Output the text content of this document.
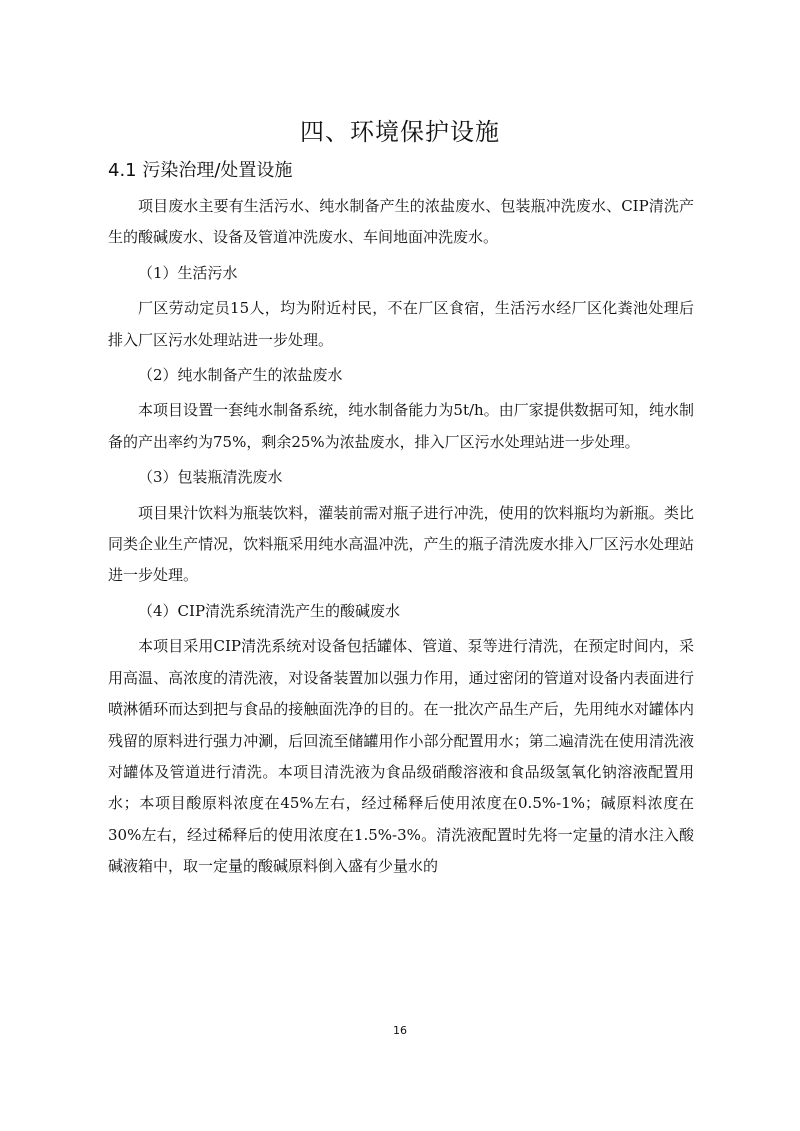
四、环境保护设施
4.1 污染治理/处置设施

项目废水主要有生活污水、纯水制备产生的浓盐废水、包装瓶冲洗废水、CIP清洗产生的酸碱废水、设备及管道冲洗废水、车间地面冲洗废水。

（1）生活污水

厂区劳动定员15人，均为附近村民，不在厂区食宿，生活污水经厂区化粪池处理后排入厂区污水处理站进一步处理。

（2）纯水制备产生的浓盐废水

本项目设置一套纯水制备系统，纯水制备能力为5t/h。由厂家提供数据可知，纯水制备的产出率约为75%，剩余25%为浓盐废水，排入厂区污水处理站进一步处理。

（3）包装瓶清洗废水

项目果汁饮料为瓶装饮料，灌装前需对瓶子进行冲洗，使用的饮料瓶均为新瓶。类比同类企业生产情况，饮料瓶采用纯水高温冲洗，产生的瓶子清洗废水排入厂区污水处理站进一步处理。

（4）CIP清洗系统清洗产生的酸碱废水

本项目采用CIP清洗系统对设备包括罐体、管道、泵等进行清洗，在预定时间内，采用高温、高浓度的清洗液，对设备装置加以强力作用，通过密闭的管道对设备内表面进行喷淋循环而达到把与食品的接触面洗净的目的。在一批次产品生产后，先用纯水对罐体内残留的原料进行强力冲涮，后回流至储罐用作小部分配置用水；第二遍清洗在使用清洗液对罐体及管道进行清洗。本项目清洗液为食品级硝酸溶液和食品级氢氧化钠溶液配置用水；本项目酸原料浓度在45%左右，经过稀释后使用浓度在0.5%-1%；碱原料浓度在30%左右，经过稀释后的使用浓度在1.5%-3%。清洗液配置时先将一定量的清水注入酸碱液箱中，取一定量的酸碱原料倒入盛有少量水的

16
